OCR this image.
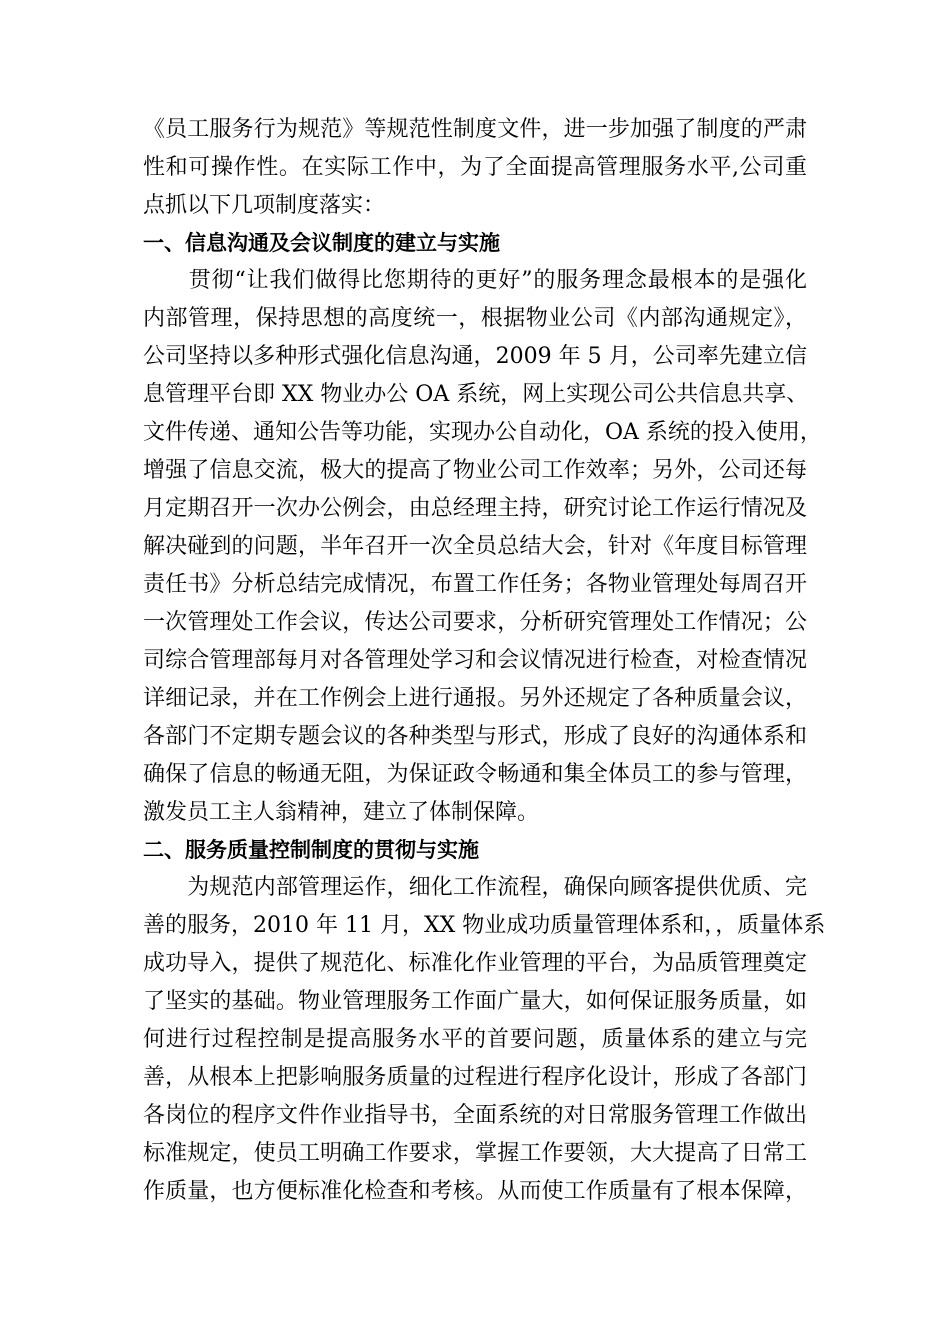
《员工服务行为规范》等规范性制度文件，进一步加强了制度的严肃
性和可操作性。在实际工作中，为了全面提高管理服务水平,公司重
点抓以下几项制度落实：
一、信息沟通及会议制度的建立与实施
　　贯彻“让我们做得比您期待的更好”的服务理念最根本的是强化
内部管理，保持思想的高度统一，根据物业公司《内部沟通规定》，
公司坚持以多种形式强化信息沟通，2009 年 5 月，公司率先建立信
息管理平台即 XX 物业办公 OA 系统，网上实现公司公共信息共享、
文件传递、通知公告等功能，实现办公自动化，OA 系统的投入使用，
增强了信息交流，极大的提高了物业公司工作效率；另外，公司还每
月定期召开一次办公例会，由总经理主持，研究讨论工作运行情况及
解决碰到的问题，半年召开一次全员总结大会，针对《年度目标管理
责任书》分析总结完成情况，布置工作任务；各物业管理处每周召开
一次管理处工作会议，传达公司要求，分析研究管理处工作情况；公
司综合管理部每月对各管理处学习和会议情况进行检查，对检查情况
详细记录，并在工作例会上进行通报。另外还规定了各种质量会议，
各部门不定期专题会议的各种类型与形式，形成了良好的沟通体系和
确保了信息的畅通无阻，为保证政令畅通和集全体员工的参与管理，
激发员工主人翁精神，建立了体制保障。
二、服务质量控制制度的贯彻与实施
　　为规范内部管理运作，细化工作流程，确保向顾客提供优质、完
善的服务，2010 年 11 月，XX 物业成功质量管理体系和，，质量体系
成功导入，提供了规范化、标准化作业管理的平台，为品质管理奠定
了坚实的基础。物业管理服务工作面广量大，如何保证服务质量，如
何进行过程控制是提高服务水平的首要问题，质量体系的建立与完
善，从根本上把影响服务质量的过程进行程序化设计，形成了各部门
各岗位的程序文件作业指导书，全面系统的对日常服务管理工作做出
标准规定，使员工明确工作要求，掌握工作要领，大大提高了日常工
作质量，也方便标准化检查和考核。从而使工作质量有了根本保障，
